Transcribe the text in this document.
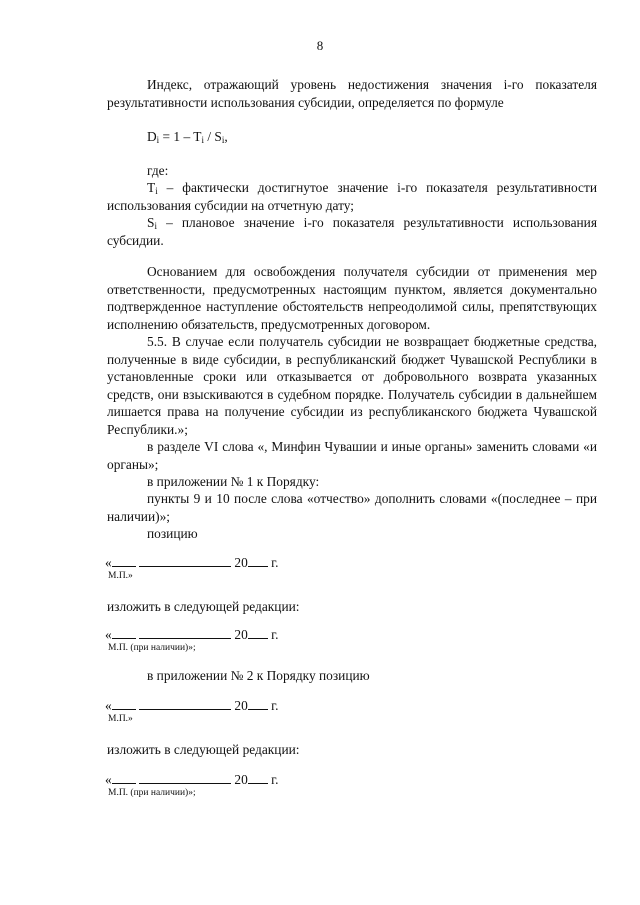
8

Индекс, отражающий уровень недостижения значения i-го показателя результативности использования субсидии, определяется по формуле

$D_i = 1 - T_i / S_i$,
где:

$T_i$ – фактически достигнутое значение i-го показателя результативности использования субсидии на отчетную дату;

$S_i$ – плановое значение i-го показателя результативности использования субсидии.

Основанием для освобождения получателя субсидии от применения мер ответственности, предусмотренных настоящим пунктом, является документально подтвержденное наступление обстоятельств непреодолимой силы, препятствующих исполнению обязательств, предусмотренных договором.

5.5. В случае если получатель субсидии не возвращает бюджетные средства, полученные в виде субсидии, в республиканский бюджет Чувашской Республики в установленные сроки или отказывается от добровольного возврата указанных средств, они взыскиваются в судебном порядке. Получатель субсидии в дальнейшем лишается права на получение субсидии из республиканского бюджета Чувашской Республики.»;

в разделе VI слова «, Минфин Чувашии и иные органы» заменить словами «и органы»;

в приложении № 1 к Порядку:

пункты 9 и 10 после слова «отчество» дополнить словами «(последнее – при наличии)»;

позицию
«	20 г.
М.П.»
изложить в следующей редакции:
«	20 г.
М.П. (при наличии)»;
в приложении № 2 к Порядку позицию
«	20 г.
М.П.»
изложить в следующей редакции:
«	20 г.
М.П. (при наличии)»;
